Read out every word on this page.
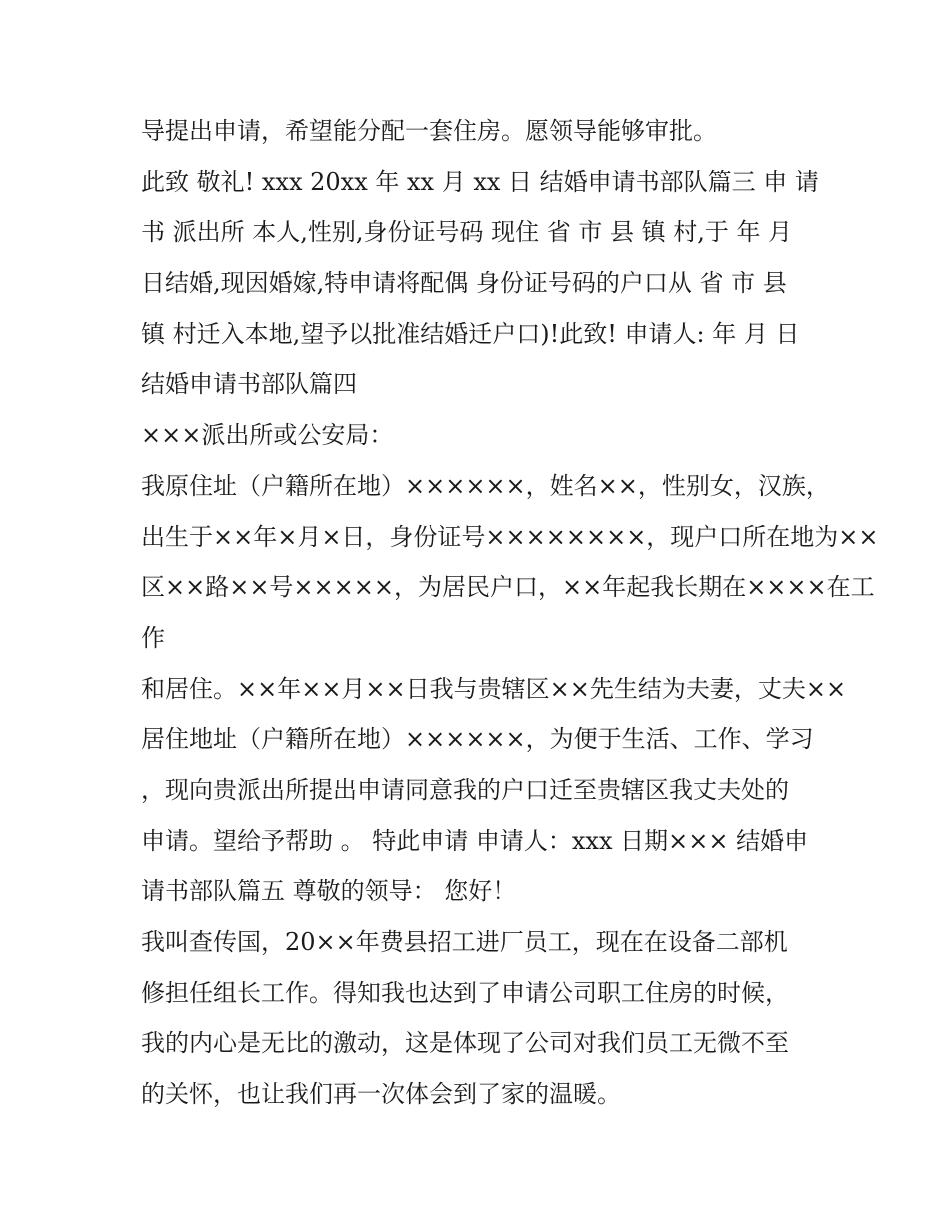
导提出申请，希望能分配一套住房。愿领导能够审批。
此致 敬礼! xxx 20xx 年 xx 月 xx 日 结婚申请书部队篇三 申 请
书 派出所 本人,性别,身份证号码 现住 省 市 县 镇 村,于 年 月
日结婚,现因婚嫁,特申请将配偶 身份证号码的户口从 省 市 县
镇 村迁入本地,望予以批准结婚迁户口)!此致! 申请人: 年 月 日
结婚申请书部队篇四
×××派出所或公安局：
我原住址（户籍所在地）××××××，姓名××，性别女，汉族，
出生于××年×月×日，身份证号××××××××，现户口所在地为××
区××路××号×××××，为居民户口，××年起我长期在××××在工
作
和居住。××年××月××日我与贵辖区××先生结为夫妻，丈夫××
居住地址（户籍所在地）××××××，为便于生活、工作、学习
，现向贵派出所提出申请同意我的户口迁至贵辖区我丈夫处的
申请。望给予帮助 。 特此申请 申请人：xxx 日期××× 结婚申
请书部队篇五 尊敬的领导： 您好！
我叫查传国，20××年费县招工进厂员工，现在在设备二部机
修担任组长工作。得知我也达到了申请公司职工住房的时候，
我的内心是无比的激动，这是体现了公司对我们员工无微不至
的关怀，也让我们再一次体会到了家的温暖。
